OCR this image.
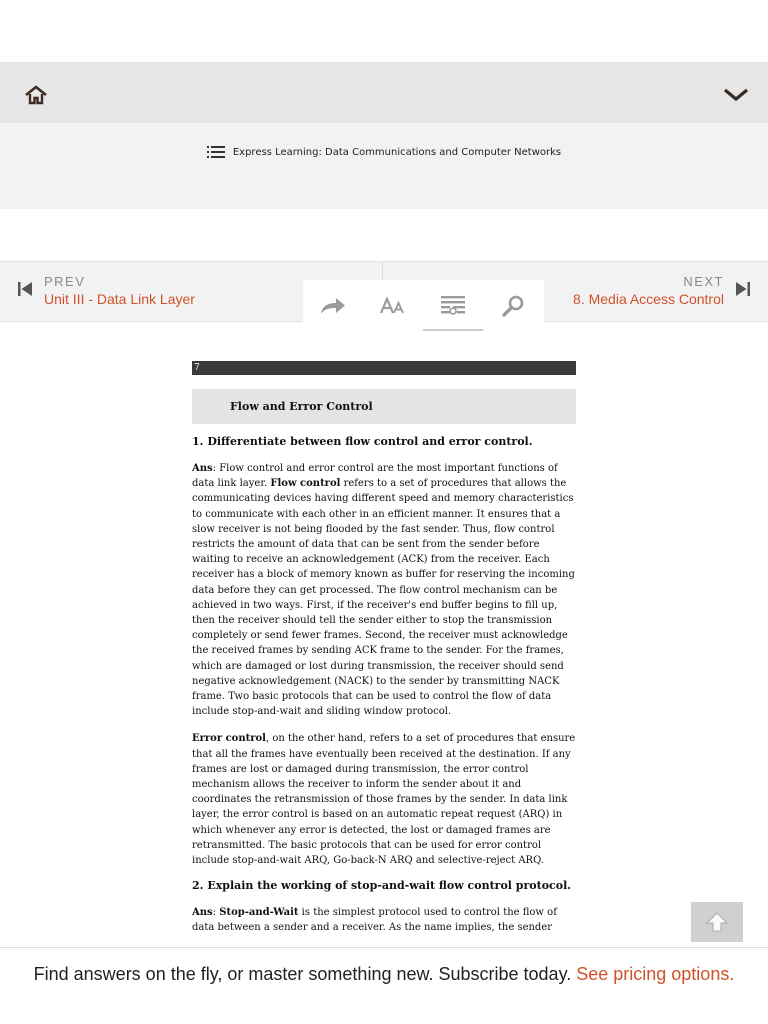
Express Learning: Data Communications and Computer Networks
PREV
Unit III - Data Link Layer
NEXT
8. Media Access Control
7
Flow and Error Control
1. Differentiate between flow control and error control.

Ans: Flow control and error control are the most important functions of data link layer. Flow control refers to a set of procedures that allows the communicating devices having different speed and memory characteristics to communicate with each other in an efficient manner. It ensures that a slow receiver is not being flooded by the fast sender. Thus, flow control restricts the amount of data that can be sent from the sender before waiting to receive an acknowledgement (ACK) from the receiver. Each receiver has a block of memory known as buffer for reserving the incoming data before they can get processed. The flow control mechanism can be achieved in two ways. First, if the receiver's end buffer begins to fill up, then the receiver should tell the sender either to stop the transmission completely or send fewer frames. Second, the receiver must acknowledge the received frames by sending ACK frame to the sender. For the frames, which are damaged or lost during transmission, the receiver should send negative acknowledgement (NACK) to the sender by transmitting NACK frame. Two basic protocols that can be used to control the flow of data include stop-and-wait and sliding window protocol.

Error control, on the other hand, refers to a set of procedures that ensure that all the frames have eventually been received at the destination. If any frames are lost or damaged during transmission, the error control mechanism allows the receiver to inform the sender about it and coordinates the retransmission of those frames by the sender. In data link layer, the error control is based on an automatic repeat request (ARQ) in which whenever any error is detected, the lost or damaged frames are retransmitted. The basic protocols that can be used for error control include stop-and-wait ARQ, Go-back-N ARQ and selective-reject ARQ.

2. Explain the working of stop-and-wait flow control protocol.

Ans: Stop-and-Wait is the simplest protocol used to control the flow of data between a sender and a receiver. As the name implies, the sender

Find answers on the fly, or master something new. Subscribe today. See pricing options.
